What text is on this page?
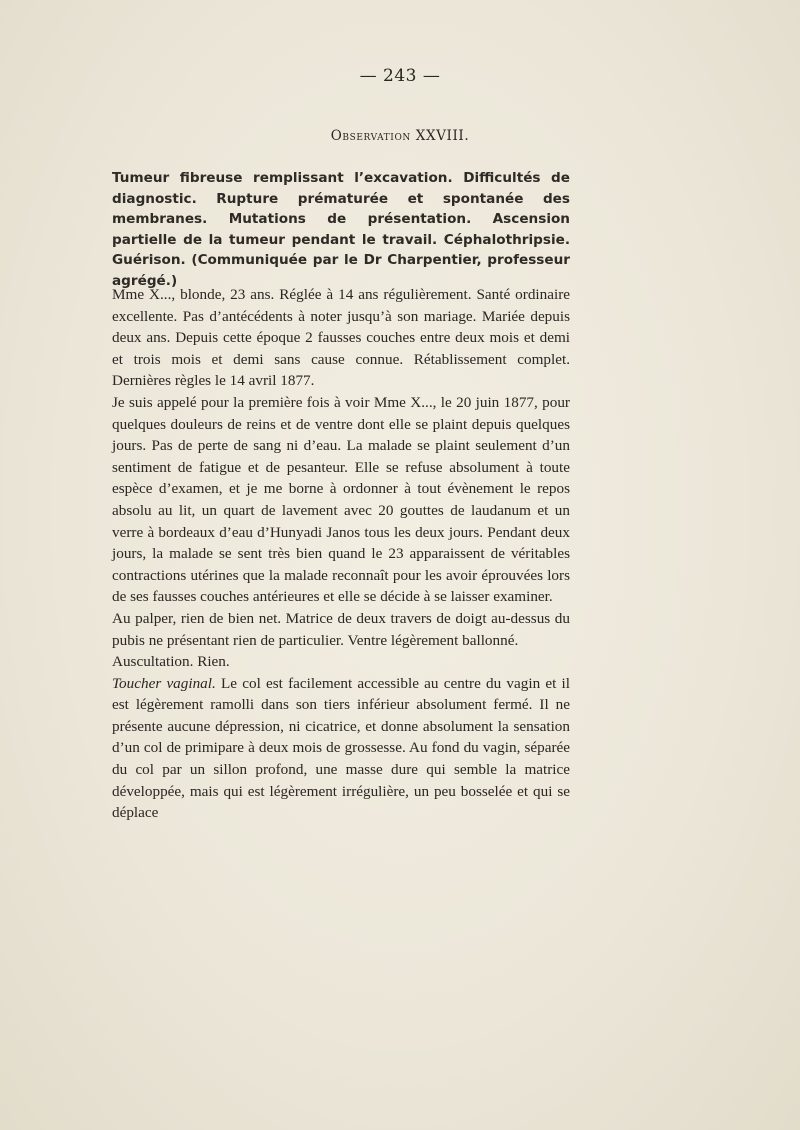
— 243 —
Observation XXVIII.
Tumeur fibreuse remplissant l’excavation. Difficultés de diagnostic. Rupture prématurée et spontanée des membranes. Mutations de présentation. Ascension partielle de la tumeur pendant le travail. Céphalothripsie. Guérison. (Communiquée par le Dr Charpentier, professeur agrégé.)

Mme X..., blonde, 23 ans. Réglée à 14 ans régulièrement. Santé ordinaire excellente. Pas d’antécédents à noter jusqu’à son mariage. Mariée depuis deux ans. Depuis cette époque 2 fausses couches entre deux mois et demi et trois mois et demi sans cause connue. Rétablissement complet. Dernières règles le 14 avril 1877.

Je suis appelé pour la première fois à voir Mme X..., le 20 juin 1877, pour quelques douleurs de reins et de ventre dont elle se plaint depuis quelques jours. Pas de perte de sang ni d’eau. La malade se plaint seulement d’un sentiment de fatigue et de pesanteur. Elle se refuse absolument à toute espèce d’examen, et je me borne à ordonner à tout évènement le repos absolu au lit, un quart de lavement avec 20 gouttes de laudanum et un verre à bordeaux d’eau d’Hunyadi Janos tous les deux jours. Pendant deux jours, la malade se sent très bien quand le 23 apparaissent de véritables contractions utérines que la malade reconnaît pour les avoir éprouvées lors de ses fausses couches antérieures et elle se décide à se laisser examiner.

Au palper, rien de bien net. Matrice de deux travers de doigt au-dessus du pubis ne présentant rien de particulier. Ventre légèrement ballonné.

Auscultation. Rien.

Toucher vaginal. Le col est facilement accessible au centre du vagin et il est légèrement ramolli dans son tiers inférieur absolument fermé. Il ne présente aucune dépression, ni cicatrice, et donne absolument la sensation d’un col de primipare à deux mois de grossesse. Au fond du vagin, séparée du col par un sillon profond, une masse dure qui semble la matrice développée, mais qui est légèrement irrégulière, un peu bosselée et qui se déplace
